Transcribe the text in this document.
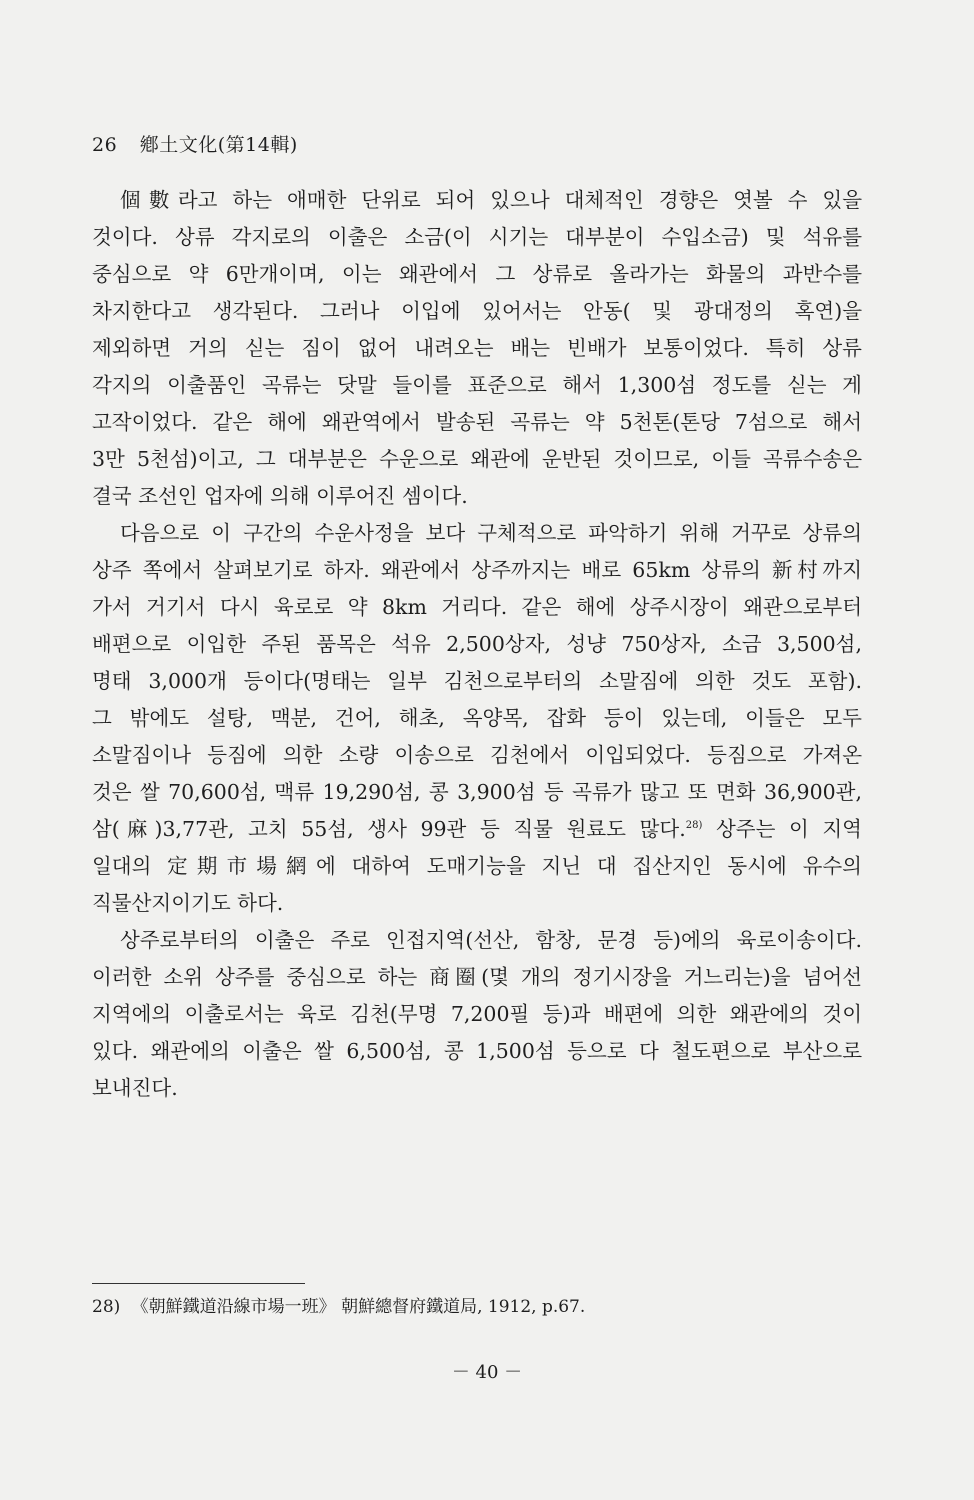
26 鄕土文化(第14輯)
個數라고 하는 애매한 단위로 되어 있으나 대체적인 경향은 엿볼 수 있을
것이다. 상류 각지로의 이출은 소금(이 시기는 대부분이 수입소금) 및 석유를
중심으로 약 6만개이며, 이는 왜관에서 그 상류로 올라가는 화물의 과반수를
차지한다고 생각된다. 그러나 이입에 있어서는 안동( 및 광대정의 혹연)을
제외하면 거의 싣는 짐이 없어 내려오는 배는 빈배가 보통이었다. 특히 상류
각지의 이출품인 곡류는 닷말 들이를 표준으로 해서 1,300섬 정도를 싣는 게
고작이었다. 같은 해에 왜관역에서 발송된 곡류는 약 5천톤(톤당 7섬으로 해서
3만 5천섬)이고, 그 대부분은 수운으로 왜관에 운반된 것이므로, 이들 곡류수송은
결국 조선인 업자에 의해 이루어진 셈이다.
다음으로 이 구간의 수운사정을 보다 구체적으로 파악하기 위해 거꾸로 상류의
상주 쪽에서 살펴보기로 하자. 왜관에서 상주까지는 배로 65km 상류의 新村까지
가서 거기서 다시 육로로 약 8km 거리다. 같은 해에 상주시장이 왜관으로부터
배편으로 이입한 주된 품목은 석유 2,500상자, 성냥 750상자, 소금 3,500섬,
명태 3,000개 등이다(명태는 일부 김천으로부터의 소말짐에 의한 것도 포함).
그 밖에도 설탕, 맥분, 건어, 해초, 옥양목, 잡화 등이 있는데, 이들은 모두
소말짐이나 등짐에 의한 소량 이송으로 김천에서 이입되었다. 등짐으로 가져온
것은 쌀 70,600섬, 맥류 19,290섬, 콩 3,900섬 등 곡류가 많고 또 면화 36,900관,
삼(麻)3,77관, 고치 55섬, 생사 99관 등 직물 원료도 많다.$^{28)}$ 상주는 이 지역
일대의 定期市場網에 대하여 도매기능을 지닌 대 집산지인 동시에 유수의
직물산지이기도 하다.
상주로부터의 이출은 주로 인접지역(선산, 함창, 문경 등)에의 육로이송이다.
이러한 소위 상주를 중심으로 하는 商圈(몇 개의 정기시장을 거느리는)을 넘어선
지역에의 이출로서는 육로 김천(무명 7,200필 등)과 배편에 의한 왜관에의 것이
있다. 왜관에의 이출은 쌀 6,500섬, 콩 1,500섬 등으로 다 철도편으로 부산으로
보내진다.
28) 《朝鮮鐵道沿線市場一班》 朝鮮總督府鐵道局, 1912, p.67.
－ 40 －
